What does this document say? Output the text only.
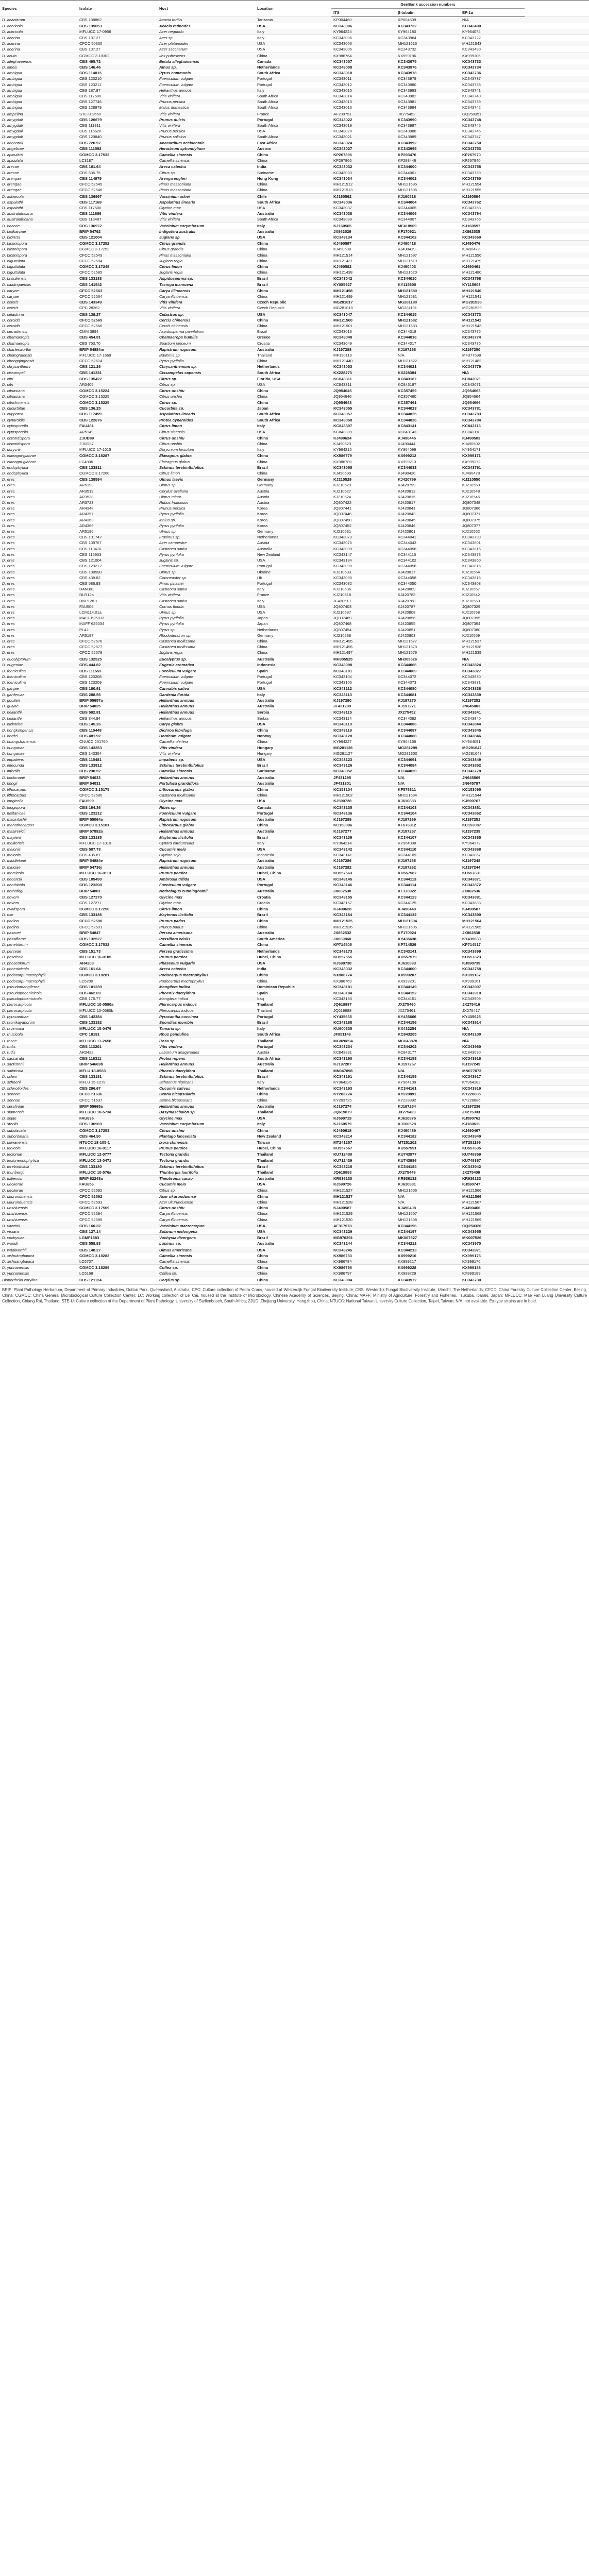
Species	Isolate	Host	Location	GenBank accession numbers			
				ITS	β-tubulin	EF-1α	
D. acaciarum	CBS 138862	Acacia tortilis	Tanzania	KP004460	KP004509	N/A	
D. acericola	CBS 139053	Acacia retinodes	USA	KC343006	KC343732	KC343490	
D. acericola	MFLUCC 17-0956	Acer negundo	Italy	KY964224	KY964180	KY964074	
D. acerina	CBS 137.27	Acer sp.	Italy	KC343006	KC343964	KC343722	
D. acerina	CFCC 50300	Acer platanoides	USA	KC343006	MH121616	MH121543	
D. acerina	CBS 137.27	Acer saccharum	USA	KC343006	KC343732	KC343490	
D. acuta	CGMCC 3.18302	Ilex pubescens	China	KX986764	KX999186	KX999106	
D. alleghaniensis	CBS 495.72	Betula alleghaniensis	Canada	KC343007	KC343975	KC343733	
D. alnea	CBS 146.46	Alnus sp.	Netherlands	KC343008	KC343976	KC343734	
D. ambigua	CBS 114015	Pyrus communis	South Africa	KC343010	KC343978	KC343736	
D. ambigua	CBS 123210	Foeniculum vulgare	Portugal	KC343011	KC343979	KC343737	
D. ambigua	CBS 123211	Foeniculum vulgare	Portugal	KC343012	KC343980	KC343738	
D. ambigua	CBS 187.87	Helianthus annuus	Italy	KC343015	KC343983	KC343741	
D. ambigua	CBS 117500	Vitis vinifera	South Africa	KC343014	KC343982	KC343740	
D. ambigua	CBS 127746	Prunus persica	South Africa	KC343013	KC343981	KC343739	
D. ambigua	CBS 128879	Malus domestica	South Africa	KC343016	KC343984	KC343742	
D. ampelina	STE-U 2660	Vitis vinifera	France	AF230751	JX275452	GQ250351	
D. amygdali	CBS 126679	Prunus dulcis	Portugal	KC343022	KC343990	KC343748	
D. amygdali	CBS 111811	Vitis vinifera	South Africa	KC343019	KC343987	KC343745	
D. amygdali	CBS 115620	Prunus persica	USA	KC343020	KC343988	KC343746	
D. amygdali	CBS 120840	Prunus salicina	South Africa	KC343021	KC343989	KC343747	
D. anacardii	CBS 720.97	Anacardium occidentale	East Africa	KC343024	KC343992	KC343750	
D. angelicae	CBS 111592	Heracleum sphondylium	Austria	KC343027	KC343995	KC343753	
D. apiculata	CGMCC 3.17533	Camellia sinensis	China	KP267896	KP293476	KP267970	
D. apiculata	LC3187	Camellia sinensis	China	KP267866	KP293446	KP267940	
D. arecae	CBS 161.64	Areca catechu	India	KC343032	KC344000	KC343758	
D. arecae	CBS 535.75	Citrus sp.	Suriname	KC343033	KC344001	KC343759	
D. arengae	CBS 114979	Arenga engleri	Hong Kong	KC343034	KC344002	KC343760	
D. arengae	CFCC 52545	Pinus massoniana	China	MH121512	MH121595	MH121554	
D. arengae	CFCC 52546	Pinus massoniana	China	MH121513	MH121596	MH121555	
D. asheicola	CBS 136967	Vaccinium ashei	Chile	KJ160562	KJ160518	KJ160594	
D. aspalathi	CBS 117169	Aspalathus linearis	South Africa	KC343036	KC344004	KC343762	
D. aspalathi	CBS 117500	Glycine max	USA	KC343037	KC344005	KC343763	
D. australafricana	CBS 111886	Vitis vinifera	Australia	KC343038	KC344006	KC343764	
D. australafricana	CBS 113487	Vitis vinifera	South Africa	KC343039	KC344007	KC343765	
D. baccae	CBS 136972	Vaccinium corymbosum	Italy	KJ160565	MF418509	KJ160597	
D. beilharziae	BRIP 54792	Indigofera australis	Australia	JX862529	KF170921	JX862535	
D. bicincta	CBS 121004	Juglans sp.	USA	KC343134	KC344102	KC343860	
D. biconispora	CGMCC 3.17252	Citrus grandis	China	KJ490597	KJ490418	KJ490476	
D. biconispora	CGMCC 3.17253	Citrus grandis	China	KJ490598	KJ490419	KJ490477	
D. biconispora	CFCC 52543	Pinus massoniana	China	MH121514	MH121597	MH121556	
D. biguttulata	CFCC 52584	Juglans regia	China	MH121437	MH121519	MH121479	
D. biguttulata	CGMCC 3.17248	Citrus limon	China	KJ490582	KJ490403	KJ490461	
D. biguttulata	CFCC 52585	Juglans regia	China	MH121438	MH121520	MH121480	
D. brasiliensis	CBS 133183	Aspidosperma sp.	Brazil	KC343042	KC344010	KC343768	
D. caatingaensis	CBS 141542	Tacinga inamoena	Brazil	KY085927	KY115600	KY115603	
D. caryae	CFCC 52563	Carya illinoensis	China	MH121498	MH121580	MH121540	
D. caryae	CFCC 52564	Carya illinoensis	China	MH121499	MH121581	MH121541	
D. celeris	CBS 143349	Vitis vinifera	Czech Republic	MG281017	MG281190	MG281538	
D. celeris	CPC 28262	Vitis vinifera	Czech Republic	MG281018	MG281191	MG281539	
D. celastrina	CBS 139.27	Celastrus sp.	USA	KC343047	KC344015	KC343773	
D. cercidis	CFCC 52565	Cercis chinensis	China	MH121500	MH121582	MH121542	
D. cercidis	CFCC 52566	Cercis chinensis	China	MH121501	MH121583	MH121543	
D. cerradensis	CMM 3994	Aspidosperma parvifolium	Brazil	KC343013	KC344018	KC343776	
D. chamaeropis	CBS 454.81	Chamaerops humilis	Greece	KC343048	KC344016	KC343774	
D. chamaeropis	CBS 753.70	Spartium junceum	Croatia	KC343049	KC344017	KC343775	
D. charlesworthii	BRIP 54884m	Rapistrum rugosum	Australia	KJ197288	KJ197268	KJ197250	
D. chiangraiensis	MFLUCC 17-1669	Bauhinia sp.	Thailand	MF190119	N/A	MF377598	
D. chongqingensis	CFCC 52614	Pyrus pyrifolia	China	MH121440	MH121522	MH121482	
D. chrysanthemi	CBS 121.26	Chrysanthemum sp.	Netherlands	KC343053	KC344021	KC343779	
D. cissampeli	CBS 141331	Cissampelos capensis	South Africa	KX228273	KX228384	N/A	
D. citri	CBS 135422	Citrus sp.	Florida, USA	KC843311	KC843187	KC843071	
D. citri	AR3405	Citrus sp.	USA	KC843311	KC843187	KC843071	
D. citriasiana	CGMCC 3.15224	Citrus unshiu	China	JQ954645	KC357459	JQ954663	
D. citriasiana	CGMCC 3.15225	Citrus unshiu	China	JQ954646	KC357460	JQ954664	
D. citrichinensis	CGMCC 3.15225	Citrus sp.	China	JQ954648	KC357461	JQ954666	
D. cucurbitae	CBS 136.25	Cucurbita sp.	Japan	KC343055	KC344023	KC343781	
D. cuppatea	CBS 117499	Aspalathus linearis	South Africa	KC343057	KC344025	KC343783	
D. cynaroidis	CBS 122676	Protea cynaroides	South Africa	KC343058	KC344026	KC343784	
D. cytosporella	FAU461	Citrus limon	Italy	KC843307	KC843141	KC843116	
D. cytosporella	AR5149	Citrus sinensis	USA	KC843309	KC843143	KC843118	
D. discoidispora	ZJUD89	Citrus unshiu	China	KJ490624	KJ490445	KJ490503	
D. discoidispora	ZJUD87	Citrus unshiu	China	KJ490623	KJ490444	KJ490502	
D. dorycnii	MFLUCC 17-1015	Dorycnium hirsutum	Italy	KY964215	KY964099	KY964171	
D. elaeagni-glabrae	CGMCC 3.18287	Elaeagnus glabra	China	KX986779	KX999212	KX999171	
D. elaeagni-glabrae	LC4806	Elaeagnus glabra	China	KX986780	KX999213	KX999172	
D. endophytica	CBS 133811	Schinus terebinthifolius	Brazil	KC343065	KC344033	KC343791	
D. endophytica	CGMCC 3.17260	Citrus limon	China	KJ490599	KJ490420	KJ490478	
D. eres	CBS 138594	Ulmus laevis	Germany	KJ210529	KJ420799	KJ210550	
D. eres	AR5193	Ulmus sp.	Germany	KJ210529	KJ420799	KJ210550	
D. eres	AR3519	Corylus avellana	Austria	KJ210527	KJ420812	KJ210548	
D. eres	AR3538	Ulmus minor	Austria	KJ210524	KJ420815	KJ210545	
D. eres	AR3723	Rubus fruticosus	Austria	JQ807422	KJ420817	JQ807348	
D. eres	AR4348	Prunus persica	Korea	JQ807441	KJ420841	JQ807366	
D. eres	AR4357	Pyrus pyrifolia	Korea	JQ807446	KJ420843	JQ807371	
D. eres	AR4363	Malus sp.	Korea	JQ807450	KJ420845	JQ807375	
D. eres	AR4369	Pyrus pyrifolia	Korea	JQ807452	KJ420846	JQ807377	
D. eres	AR5196	Ulmus sp.	Germany	KJ210531	KJ420801	KJ210552	
D. eres	CBS 101742	Fraxinus sp.	Netherlands	KC343073	KC344041	KC343799	
D. eres	CBS 109767	Acer campestre	Austria	KC343075	KC344043	KC343801	
D. eres	CBS 113470	Castanea sativa	Australia	KC343090	KC344058	KC343816	
D. eres	CBS 116953	Pyrus pyrifolia	New Zealand	KC343147	KC344115	KC343873	
D. eres	CBS 121004	Juglans sp.	USA	KC343134	KC344102	KC343860	
D. eres	CBS 123212	Foeniculum vulgare	Portugal	KC343090	KC344058	KC343816	
D. eres	CBS 138598	Ulmus sp.	Ukraine	KJ210533	KJ420817	KJ210554	
D. eres	CBS 439.82	Cotoneaster sp.	UK	KC343090	KC344058	KC343816	
D. eres	CBS 586.93	Pinus pinaster	Portugal	KC343082	KC344050	KC343808	
D. eres	DAN001	Castanea sativa	Italy	KJ210536	KJ420809	KJ210557	
D. eres	DLR12a	Vitis vinifera	France	KJ210518	KJ420783	KJ210542	
D. eres	DNP128.1	Castanea sativa	Italy	JF430513	KJ420788	KJ210560	
D. eres	FAU506	Cornus florida	USA	JQ807403	KJ420787	JQ807329	
D. eres	LCM114.01a	Ulmus sp.	USA	KJ210537	KJ420808	KJ210558	
D. eres	MAFF 625033	Pyrus pyrifolia	Japan	JQ807469	KJ420856	JQ807395	
D. eres	MAFF 625034	Pyrus pyrifolia	Japan	JQ807468	KJ420855	JQ807394	
D. eres	PL42	Pyrus sp.	Netherlands	JQ807454	KJ420851	JQ807380	
D. eres	AR5197	Rhododendron sp.	Germany	KJ210538	KJ420803	KJ210559	
D. eres	CFCC 52576	Castanea mollissima	China	MH121495	MH121577	MH121537	
D. eres	CFCC 52577	Castanea mollissima	China	MH121496	MH121578	MH121538	
D. eres	CFCC 52578	Juglans regia	China	MH121497	MH121579	MH121539	
D. eucalyptorum	CBS 132525	Eucalyptus sp.	Australia	MH305525	MH305526	N/A	
D. eugeniae	CBS 444.82	Eugenia aromatica	Indonesia	KC343098	KC344066	KC343824	
D. foeniculina	CBS 111553	Foeniculum vulgare	Spain	KC343101	KC344069	KC343827	
D. foeniculina	CBS 123208	Foeniculum vulgare	Portugal	KC343104	KC344072	KC343830	
D. foeniculina	CBS 123209	Foeniculum vulgare	Portugal	KC343105	KC344073	KC343831	
D. ganjae	CBS 180.91	Cannabis sativa	USA	KC343112	KC344080	KC343838	
D. gardeniae	CBS 288.56	Gardenia florida	Italy	KC343113	KC344081	KC343839	
D. goulteri	BRIP 55657a	Helianthus annuus	Australia	KJ197290	KJ197270	KJ197252	
D. gulyae	BRIP 54025	Helianthus annuus	Australia	JF431299	KJ197271	JN645803	
D. helianthi	CBS 592.81	Helianthus annuus	Serbia	KC343115	JX275452	KC343841	
D. helianthi	CBS 344.94	Helianthus annuus	Serbia	KC343114	KC344082	KC343840	
D. hickoriae	CBS 145.26	Carya glabra	USA	KC343118	KC344086	KC343844	
D. hongkongensis	CBS 115448	Dichroa febrifuga	China	KC343119	KC344087	KC343845	
D. hordei	CBS 481.92	Hordeum vulgare	Norway	KC343120	KC344088	KC343846	
D. huangshanensis	CNUCC 201760	Camellia oleifera	China	KY964227	KY964166	KY964091	
D. hungariae	CBS 143353	Vitis vinifera	Hungary	MG281126	MG281299	MG281647	
D. hungariae	CBS 143354	Vitis vinifera	Hungary	MG281127	MG281300	MG281648	
D. impatiens	CBS 115481	Impatiens sp.	USA	KC343123	KC344091	KC343849	
D. infecunda	CBS 133812	Schinus terebinthifolius	Brazil	KC343126	KC344094	KC343852	
D. infertilis	CBS 230.52	Camellia sinensis	Suriname	KC343052	KC344020	KC343778	
D. kochmanii	BRIP 54033	Helianthus annuus	Australia	JF431295	N/A	JN645809	
D. kongii	BRIP 54031	Portulaca grandiflora	Australia	JF431301	N/A	JN645797	
D. lithocarpus	CGMCC 3.15175	Lithocarpus glabra	China	KC153104	KF576311	KC153095	
D. lithocarpus	CFCC 52580	Castanea mollissima	China	MH121502	MH121584	MH121544	
D. longicolla	FAU599	Glycine max	USA	KJ590728	KJ610883	KJ590767	
D. longispora	CBS 194.36	Ribes sp.	Canada	KC343135	KC344103	KC343861	
D. lusitanicae	CBS 123212	Foeniculum vulgare	Portugal	KC343136	KC344104	KC343862	
D. macintoshii	BRIP 55064a	Rapistrum rugosum	Australia	KJ197289	KJ197269	KJ197251	
D. mahothocarpus	CGMCC 3.15181	Lithocarpus glabra	China	KC153096	KF576312	KC153087	
D. masirevicii	BRIP 57892a	Helianthus annuus	Australia	KJ197277	KJ197257	KJ197239	
D. mayteni	CBS 133185	Maytenus ilicifolia	Brazil	KC343139	KC344107	KC343865	
D. melitensis	MFLUCC 17-1010	Cynara cardunculus	Italy	KY964214	KY964098	KY964172	
D. melonis	CBS 507.78	Cucumis melo	USA	KC343142	KC344110	KC343868	
D. melonis	CBS 435.87	Glycine soja	Indonesia	KC343141	KC344109	KC343867	
D. middletonii	BRIP 54884e	Rapistrum rugosum	Australia	KJ197286	KJ197266	KJ197248	
D. miriciae	BRIP 54736j	Helianthus annuus	Australia	KJ197282	KJ197262	KJ197244	
D. momicola	MFLUCC 16-0113	Prunus persica	Hubei, China	KU557563	KU557587	KU557631	
D. neoarctii	CBS 109490	Ambrosia trifida	USA	KC343145	KC344113	KC343871	
D. neothicola	CBS 123208	Foeniculum vulgare	Portugal	KC343146	KC344114	KC343872	
D. nothofagi	BRIP 54801	Nothofagus cunninghamii	Australia	JX862530	KF170922	JX862536	
D. novem	CBS 127270	Glycine max	Croatia	KC343155	KC344123	KC343881	
D. novem	CBS 127271	Glycine max	Croatia	KC343157	KC344125	KC343883	
D. ovalispora	CGMCC 3.17256	Citrus limon	China	KJ490628	KJ490449	KJ490507	
D. oxe	CBS 133186	Maytenus ilicifolia	Brazil	KC343164	KC344132	KC343890	
D. padina	CFCC 52590	Prunus padus	China	MH121525	MH121604	MH121564	
D. padina	CFCC 52591	Prunus padus	China	MH121526	MH121605	MH121565	
D. pascoei	BRIP 54847	Persea americana	Australia	JX862532	KF170924	JX862538	
D. passiflorae	CBS 132527	Passiflora edulis	South America	JX069860	KY435638	KY435633	
D. penetriteum	CGMCC 3.17532	Camellia sinensis	China	KP714505	KP714529	KP714517	
D. perseae	CBS 151.73	Persea gratissima	Netherlands	KC343173	KC343141	KC343899	
D. pescicola	MFLUCC 16-0105	Prunus persica	Hubei, China	KU557555	KU557579	KU557623	
D. phaseolorum	AR4203	Phaseolus vulgaris	USA	KJ590738	KJ610893	KJ590739	
D. phoenicicola	CBS 161.64	Areca catechu	India	KC343032	KC344000	KC343758	
D. podocarpi-macrophylli	CGMCC 3.18281	Podocarpus macrophyllus	China	KX986774	KX999207	KX999167	
D. podocarpi-macrophylli	LC6200	Podocarpus macrophyllus	China	KX986769	KX999201	KX999161	
D. pseudomangiferae	CBS 101339	Mangifera indica	Dominican Republic	KC343181	KC344149	KC343907	
D. pseudophoenicicola	CBS 462.69	Phoenix dactylifera	Spain	KC343184	KC344152	KC343910	
D. pseudophoenicicola	CBS 176.77	Mangifera indica	Iraq	KC343183	KC344151	KC343909	
D. pterocarpicola	MFLUCC 10-0580a	Pterocarpus indicus	Thailand	JQ619887	JX275460	JX275416	
D. pterocarpicola	MFLUCC 10-0580b	Pterocarpus indicus	Thailand	JQ619888	JX275461	JX275417	
D. pyracanthae	CBS 142384	Pyracantha coccinea	Portugal	KY435635	KY435666	KY435625	
D. raonikayaporum	CBS 133182	Spondias mombin	Brazil	KC343188	KC344156	KC343914	
D. ravennica	MFLUCC 15-0479	Tamarix sp.	Italy	KU900335	KX432254	N/A	
D. rhusicola	CPC 18191	Rhus pendulina	South Africa	JF951146	KC843205	KC843100	
D. rosae	MFLUCC 17-2658	Rosa sp.	Thailand	MG828894	MG843878	N/A	
D. rudis	CBS 113201	Vitis vinifera	Portugal	KC343234	KC344202	KC343960	
D. rudis	AR3422	Laburnum anagyroides	Austria	KC843331	KC843177	KC843090	
D. saccarata	CBS 116311	Protea repens	South Africa	KC343190	KC344158	KC343916	
D. sackstonii	BRIP 54669b	Helianthus annuus	Australia	KJ197287	KJ197267	KJ197249	
D. salinicola	MFLU 18-0553	Phoenix dactylifera	Thailand	MN047098	N/A	MN077073	
D. schini	CBS 133181	Schinus terebinthifolius	Brazil	KC343191	KC344159	KC343917	
D. schoeni	MFLU 15-1279	Schoenus nigricans	Italy	KY964226	KY964109	KY964182	
D. sclerotioides	CBS 296.67	Cucumis sativus	Netherlands	KC343193	KC344161	KC343919	
D. sennae	CFCC 51636	Senna bicapsularis	China	KY203724	KY228891	KY228885	
D. sennae	CFCC 51637	Senna bicapsularis	China	KY203725	KY228892	KY228886	
D. serafiniae	BRIP 55665a	Helianthus annuus	Australia	KJ197274	KJ197254	KJ197236	
D. siamensis	MFLUCC 10-573a	Dasymaschalon sp.	Thailand	JQ619879	JX275429	JX275393	
D. sojae	FAU635	Glycine max	USA	KJ590719	KJ610875	KJ590762	
D. sterilis	CBS 136969	Vaccinium corymbosum	Italy	KJ160579	KJ160528	KJ160611	
D. subclavata	CGMCC 3.17253	Citrus unshiu	China	KJ490618	KJ490439	KJ490497	
D. subordinaria	CBS 464.90	Plantago lanceolata	New Zealand	KC343214	KC344182	KC343940	
D. taiwanensis	NTUCC 18-105-1	Ixora chinensis	Taiwan	MT241257	MT251202	MT251199	
D. taoicola	MFLUCC 16-0117	Prunus persica	Hubei, China	KU557567	KU557591	KU557635	
D. tectonae	MFLUCC 12-0777	Tectona grandis	Thailand	KU712430	KU743977	KU749359	
D. tectonendophytica	MFLUCC 13-0471	Tectona grandis	Thailand	KU712439	KU743986	KU749367	
D. terebinthifolii	CBS 133180	Schinus terebinthifolius	Brazil	KC343216	KC344184	KC343942	
D. thunbergii	MFLUCC 10-576a	Thunbergia laurifolia	Thailand	JQ619893	JX275449	JX275409	
D. tulliensis	BRIP 62248a	Theobroma cacao	Australia	KR936130	KR936132	KR936133	
D. ueckerae	FAU656	Cucumis melo	USA	KJ590726	KJ610881	KJ590747	
D. ueckerae	CFCC 52592	Citrus sp.	China	MH121527	MH121606	MH121566	
D. ukurunduensis	CFCC 52592	Acer ukurunduense	China	MH121527	N/A	MH121566	
D. ukurunduensis	CFCC 52593	Acer ukurunduense	China	MH121528	N/A	MH121567	
D. unshiuensis	CGMCC 3.17569	Citrus unshiu	China	KJ490587	KJ490408	KJ490466	
D. unshiuensis	CFCC 52594	Carya illinoensis	China	MH121529	MH121607	MH121568	
D. unshiuensis	CFCC 52595	Carya illinoensis	China	MH121530	MH121608	MH121569	
D. vaccinii	CBS 160.32	Vaccinium macrocarpon	USA	AF317578	KC344196	GQ250326	
D. vexans	CBS 127.14	Solanum melongena	USA	KC343229	KC344197	KC343955	
D. vochysiae	LGMF1583	Vochysia divergens	Brazil	MG976391	MK007527	MK007526	
D. woodii	CBS 558.93	Lupinus sp.	Australia	KC343244	KC344212	KC343970	
D. woolworthii	CBS 148.27	Ulmus americana	USA	KC343245	KC344213	KC343971	
D. xishuangbanica	CGMCC 3.18282	Camellia sinensis	China	KX986783	KX999216	KX999175	
D. xishuangbanica	LC6707	Camellia sinensis	China	KX986784	KX999217	KX999176	
D. yunnanensis	CGMCC 3.18289	Coffea sp.	China	KX986796	KX999228	KX999188	
D. yunnanensis	LC6168	Coffea sp.	China	KX986797	KX999229	KX999189	
Diaporthella corylina	CBS 121124	Corylus sp.	China	KC343004	KC343972	KC343730	
BRIP: Plant Pathology Herbarium, Department of Primary Industries, Dutton Park, Queensland, Australia; CPC: Culture collection of Pedro Crous, housed at Westerdijk Fungal Biodiversity Institute; CBS: Westerdijk Fungal Biodiversity Institute, Utrecht, The Netherlands; CFCC: China Forestry Culture Collection Center, Beijing, China; CGMCC: China General Microbiological Culture Collection Center; LC: Working collection of Lei Cai, housed at the Institute of Microbiology, Chinese Academy of Sciences, Beijing, China; MAFF: Ministry of Agriculture, Forestry and Fisheries, Tsukuba, Ibaraki, Japan; MFLUCC: Mae Fah Luang University Culture Collection, Chiang Rai, Thailand; STE-U: Culture collection of the Department of Plant Pathology, University of Stellenbosch, South Africa; ZJUD: Zhejiang University, Hangzhou, China; NTUCC: National Taiwan University Culture Collection, Taipei, Taiwan; N/A: not available. Ex-type strains are in bold.
